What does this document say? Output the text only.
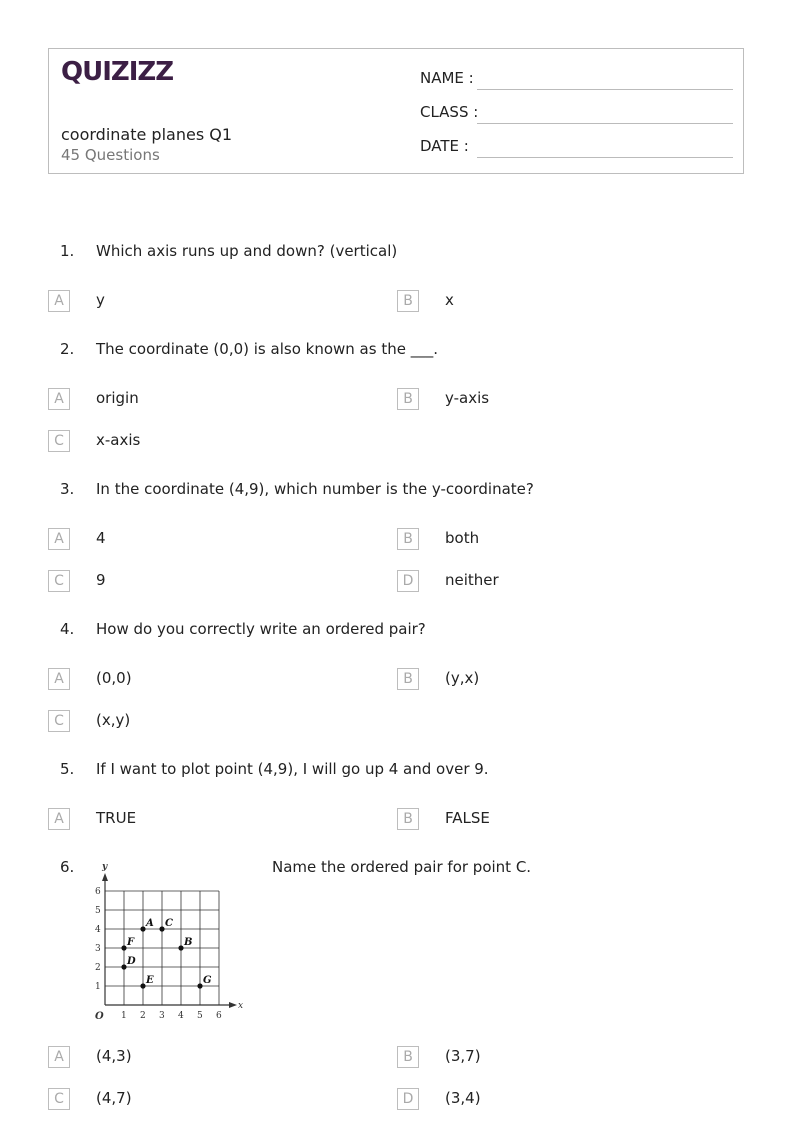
QUIZIZZ
coordinate planes Q1
45 Questions
NAME :
CLASS :
DATE :
1. Which axis runs up and down? (vertical)
A	y	B	x
2. The coordinate (0,0) is also known as the ___.
A	origin	B	y-axis
C	x-axis
3. In the coordinate (4,9), which number is the y-coordinate?
A	4	B	both
C	9	D	neither
4. How do you correctly write an ordered pair?
A	(0,0)	B	(y,x)
C	(x,y)
5. If I want to plot point (4,9), I will go up 4 and over 9.
A	TRUE	B	FALSE
6.	Name the ordered pair for point C.
1 2 3 4 5 6
1
2
3
4
5
6
O
x
y
A C
B
F
D
E	G
A	(4,3)	B	(3,7)
C	(4,7)	D	(3,4)
